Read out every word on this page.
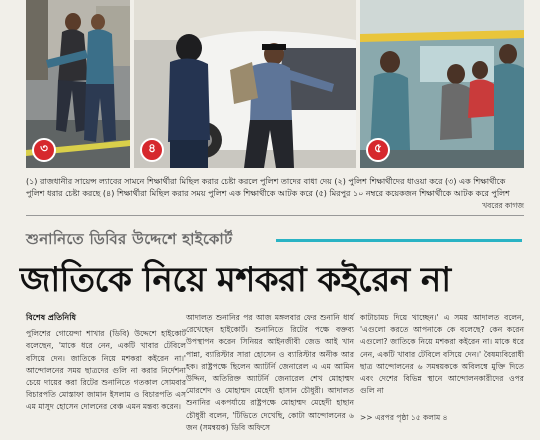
৩	৪	৫
(১) রাজধানীর সায়েন্স ল্যাবের সামনে শিক্ষার্থীরা মিছিল করার চেষ্টা করলে পুলিশ তাদের বাধা দেয় (২) পুলিশ শিক্ষার্থীদের ধাওয়া করে (৩) এক শিক্ষার্থীকে পুলিশ ধরার চেষ্টা করছে (৪) শিক্ষার্থীরা মিছিল করার সময় পুলিশ এক শিক্ষার্থীকে আটক করে (৫) মিরপুর ১০ নম্বরে কয়েকজন শিক্ষার্থীকে আটক করে পুলিশ
খবরের কাগজ
শুনানিতে ডিবির উদ্দেশে হাইকোর্ট
জাতিকে নিয়ে মশকরা কইরেন না
বিশেষ প্রতিনিধি

পুলিশের গোয়েন্দা শাখার (ডিবি) উদ্দেশে হাইকোর্ট বলেছেন, 'মাকে ধরে নেন, একটি খাবার টেবিলে বসিয়ে দেন। জাতিকে নিয়ে মশকরা কইরেন না।' আন্দোলনের সময় ছাত্রদের গুলি না করার নির্দেশনা চেয়ে দায়ের করা রিটের শুনানিতে গতকাল সোমবার বিচারপতি মোস্তাফা জামান ইসলাম ও বিচারপতি এস এম মাসুদ হোসেন দোলনের বেঞ্চ এমন মন্তব্য করেন।

আদালত শুনানির পর আজ মঙ্গলবার ফের শুনানি ধার্য রেখেছেন হাইকোর্ট। শুনানিতে রিটের পক্ষে বক্তব্য উপস্থাপন করেন সিনিয়র আইনজীবী জেড আই খান পান্না, ব্যারিস্টার সারা হোসেন ও ব্যারিস্টার অনীক আর হক। রাষ্ট্রপক্ষে ছিলেন অ্যাটর্নি জেনারেল এ এম আমিন উদ্দিন, অতিরিক্ত অ্যাটর্নি জেনারেল শেখ মোহাম্মদ মোরশেদ ও মোহাম্মদ মেহেদী হাসান চৌধুরী। আদালত শুনানির একপর্যায়ে রাষ্ট্রপক্ষে মোহাম্মদ মেহেদী হাছান চৌধুরী বলেন, 'টিভিতে দেখেছি, কোটা আন্দোলনের ৬ জন (সমন্বয়ক) ডিবি অফিসে

কাটাচামচ দিয়ে খাচ্ছেন।' এ সময় আদালত বলেন, 'এগুলো করতে আপনাকে কে বলেছে? কেন করেন এগুলো? জাতিকে নিয়ে মশকরা কইরেন না। মাকে ধরে নেন, একটি খাবার টেবিলে বসিয়ে দেন।' বৈষম্যবিরোধী ছাত্র আন্দোলনের ৬ সমন্বয়ককে অবিলম্বে মুক্তি দিতে এবং দেশের বিভিন্ন স্থানে আন্দোলনকারীদের ওপর গুলি না

>> এরপর পৃষ্ঠা ১৫ কলাম ৪
